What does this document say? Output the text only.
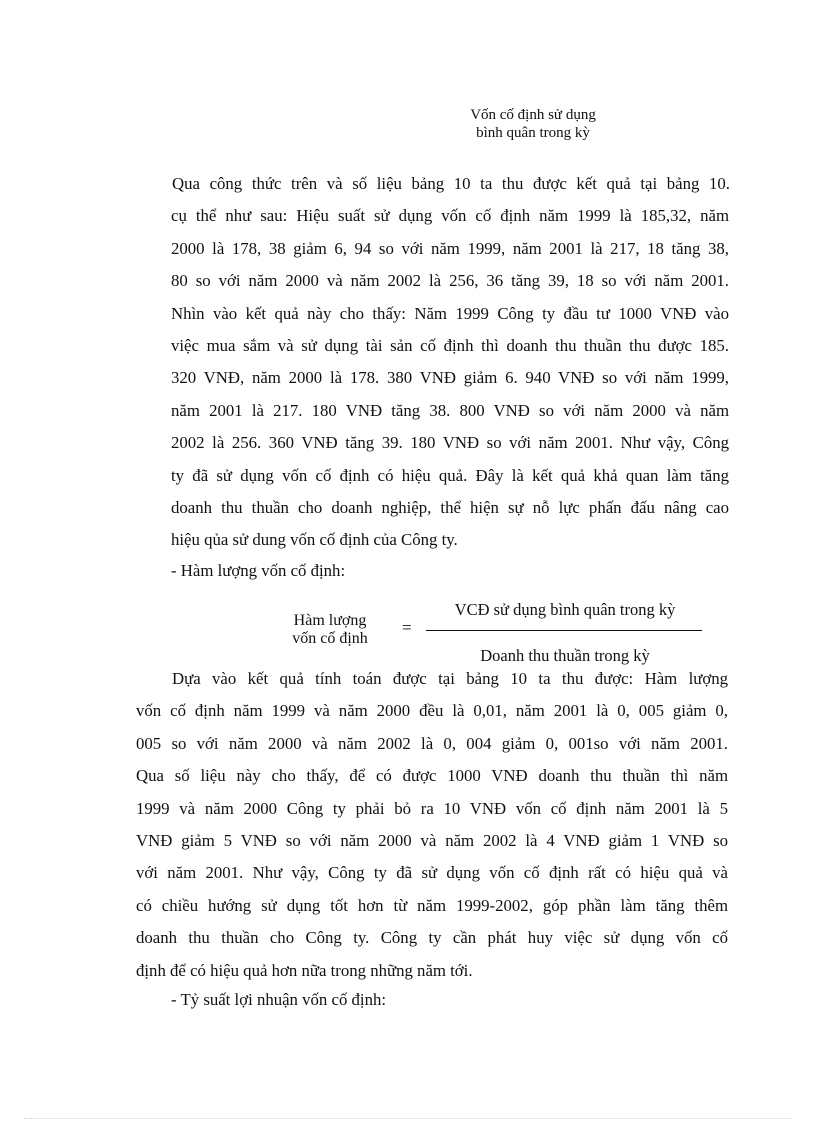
Vốn cố định sử dụng
bình quân trong kỳ
Qua công thức trên và số liệu bảng 10 ta thu được kết quả tại bảng 10.
cụ thể như sau: Hiệu suất sử dụng vốn cố định năm 1999 là 185,32, năm
2000 là 178, 38 giảm 6, 94 so với năm 1999, năm 2001 là 217, 18 tăng 38,
80 so với năm 2000 và năm 2002 là 256, 36 tăng 39, 18 so với năm 2001.
Nhìn vào kết quả này cho thấy: Năm 1999 Công ty đầu tư 1000 VNĐ vào
việc mua sắm và sử dụng tài sản cố định thì doanh thu thuần thu được 185.
320 VNĐ, năm 2000 là 178. 380 VNĐ giảm 6. 940 VNĐ so với năm 1999,
năm 2001 là 217. 180 VNĐ tăng 38. 800 VNĐ so với năm 2000 và năm
2002 là 256. 360 VNĐ tăng 39. 180 VNĐ so với năm 2001. Như vậy, Công
ty đã sử dụng vốn cố định có hiệu quả. Đây là kết quả khả quan làm tăng
doanh thu thuần cho doanh nghiệp, thể hiện sự nỗ lực phấn đấu nâng cao
hiệu qủa sử dung vốn cố định của Công ty.
- Hàm lượng vốn cố định:
Hàm lượng
vốn cố định
=
VCĐ sử dụng bình quân trong kỳ
Doanh thu thuần trong kỳ
Dựa vào kết quả tính toán được tại bảng 10 ta thu được: Hàm lượng
vốn cố định năm 1999 và năm 2000 đều là 0,01, năm 2001 là 0, 005 giảm 0,
005 so với năm 2000 và năm 2002 là 0, 004 giảm 0, 001so với năm 2001.
Qua số liệu này cho thấy, để có được 1000 VNĐ doanh thu thuần thì năm
1999 và năm 2000 Công ty phải bỏ ra 10 VNĐ vốn cố định năm 2001 là 5
VNĐ giảm 5 VNĐ so với năm 2000 và năm 2002 là 4 VNĐ giảm 1 VNĐ so
với năm 2001. Như vậy, Công ty đã sử dụng vốn cố định rất có hiệu quả và
có chiều hướng sử dụng tốt hơn từ năm 1999-2002, góp phần làm tăng thêm
doanh thu thuần cho Công ty. Công ty cần phát huy việc sử dụng vốn cố
định để có hiệu quả hơn nữa trong những năm tới.
- Tỷ suất lợi nhuận vốn cố định:
